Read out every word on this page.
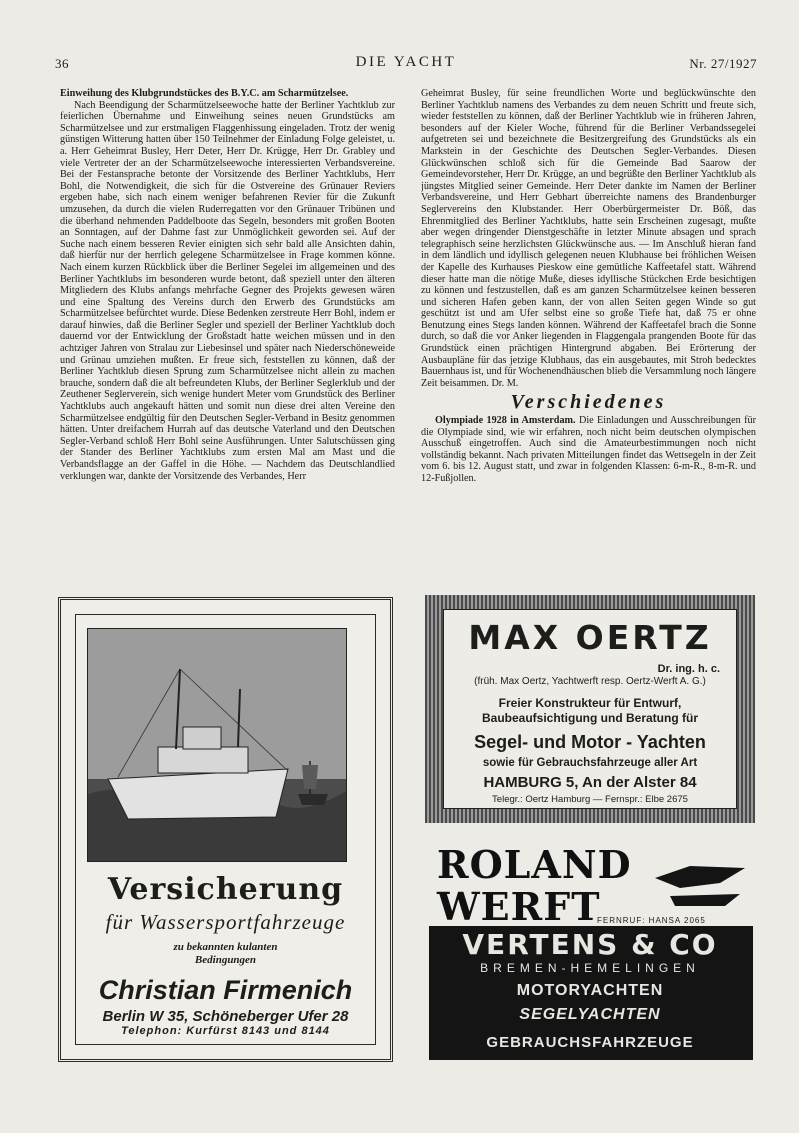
36	DIE YACHT	Nr. 27/1927
Einweihung des Klubgrundstückes des B.Y.C. am Scharmützelsee.

Nach Beendigung der Scharmützelseewoche hatte der Berliner Yachtklub zur feierlichen Übernahme und Einweihung seines neuen Grundstücks am Scharmützelsee und zur erstmaligen Flaggenhissung eingeladen. Trotz der wenig günstigen Witterung hatten über 150 Teilnehmer der Einladung Folge geleistet, u. a. Herr Geheimrat Busley, Herr Deter, Herr Dr. Krügge, Herr Dr. Grabley und viele Vertreter der an der Scharmützelseewoche interessierten Verbandsvereine. Bei der Festansprache betonte der Vorsitzende des Berliner Yachtklubs, Herr Bohl, die Notwendigkeit, die sich für die Ostvereine des Grünauer Reviers ergeben habe, sich nach einem weniger befahrenen Revier für die Zukunft umzusehen, da durch die vielen Ruderregatten vor den Grünauer Tribünen und die überhand nehmenden Paddelboote das Segeln, besonders mit großen Booten an Sonntagen, auf der Dahme fast zur Unmöglichkeit geworden sei. Auf der Suche nach einem besseren Revier einigten sich sehr bald alle Ansichten dahin, daß hierfür nur der herrlich gelegene Scharmützelsee in Frage kommen könne. Nach einem kurzen Rückblick über die Berliner Segelei im allgemeinen und des Berliner Yachtklubs im besonderen wurde betont, daß speziell unter den älteren Mitgliedern des Klubs anfangs mehrfache Gegner des Projekts gewesen wären und eine Spaltung des Vereins durch den Erwerb des Grundstücks am Scharmützelsee befürchtet wurde. Diese Bedenken zerstreute Herr Bohl, indem er darauf hinwies, daß die Berliner Segler und speziell der Berliner Yachtklub doch dauernd vor der Entwicklung der Großstadt hatte weichen müssen und in den achtziger Jahren von Stralau zur Liebesinsel und später nach Niederschöneweide und Grünau umziehen mußten. Er freue sich, feststellen zu können, daß der Berliner Yachtklub diesen Sprung zum Scharmützelsee nicht allein zu machen brauche, sondern daß die alt befreundeten Klubs, der Berliner Seglerklub und der Zeuthener Seglerverein, sich wenige hundert Meter vom Grundstück des Berliner Yachtklubs auch angekauft hätten und somit nun diese drei alten Vereine den Scharmützelsee endgültig für den Deutschen Segler-Verband in Besitz genommen hätten. Unter dreifachem Hurrah auf das deutsche Vaterland und den Deutschen Segler-Verband schloß Herr Bohl seine Ausführungen. Unter Salutschüssen ging der Stander des Berliner Yachtklubs zum ersten Mal am Mast und die Verbandsflagge an der Gaffel in die Höhe. — Nachdem das Deutschlandlied verklungen war, dankte der Vorsitzende des Verbandes, Herr

Geheimrat Busley, für seine freundlichen Worte und beglückwünschte den Berliner Yachtklub namens des Verbandes zu dem neuen Schritt und freute sich, wieder feststellen zu können, daß der Berliner Yachtklub wie in früheren Jahren, besonders auf der Kieler Woche, führend für die Berliner Verbandssegelei aufgetreten sei und bezeichnete die Besitzergreifung des Grundstücks als ein Markstein in der Geschichte des Deutschen Segler-Verbandes. Diesen Glückwünschen schloß sich für die Gemeinde Bad Saarow der Gemeindevorsteher, Herr Dr. Krügge, an und begrüßte den Berliner Yachtklub als jüngstes Mitglied seiner Gemeinde. Herr Deter dankte im Namen der Berliner Verbandsvereine, und Herr Gebhart überreichte namens des Brandenburger Seglervereins den Klubstander. Herr Oberbürgermeister Dr. Böß, das Ehrenmitglied des Berliner Yachtklubs, hatte sein Erscheinen zugesagt, mußte aber wegen dringender Dienstgeschäfte in letzter Minute absagen und sprach telegraphisch seine herzlichsten Glückwünsche aus. — Im Anschluß hieran fand in dem ländlich und idyllisch gelegenen neuen Klubhause bei fröhlichen Weisen der Kapelle des Kurhauses Pieskow eine gemütliche Kaffeetafel statt. Während dieser hatte man die nötige Muße, dieses idyllische Stückchen Erde besichtigen zu können und festzustellen, daß es am ganzen Scharmützelsee keinen besseren und sicheren Hafen geben kann, der von allen Seiten gegen Winde so gut geschützt ist und am Ufer selbst eine so große Tiefe hat, daß 75 er ohne Benutzung eines Stegs landen können. Während der Kaffeetafel brach die Sonne durch, so daß die vor Anker liegenden in Flaggengala prangenden Boote für das Grundstück einen prächtigen Hintergrund abgaben. Bei Erörterung der Ausbaupläne für das jetzige Klubhaus, das ein ausgebautes, mit Stroh bedecktes Bauernhaus ist, und für Wochenendhäuschen blieb die Versammlung noch längere Zeit beisammen. Dr. M.

Verschiedenes

Olympiade 1928 in Amsterdam. Die Einladungen und Ausschreibungen für die Olympiade sind, wie wir erfahren, noch nicht beim deutschen olympischen Ausschuß eingetroffen. Auch sind die Amateurbestimmungen noch nicht vollständig bekannt. Nach privaten Mitteilungen findet das Wettsegeln in der Zeit vom 6. bis 12. August statt, und zwar in folgenden Klassen: 6-m-R., 8-m-R. und 12-Fußjollen.

Versicherung
für Wassersportfahrzeuge
zu bekannten kulanten
Bedingungen
Christian Firmenich
Berlin W 35, Schöneberger Ufer 28
Telephon: Kurfürst 8143 und 8144
MAX OERTZ
Dr. ing. h. c.
(früh. Max Oertz, Yachtwerft resp. Oertz-Werft A. G.)
Freier Konstrukteur für Entwurf, Baubeaufsichtigung und Beratung für
Segel- und Motor - Yachten
sowie für Gebrauchsfahrzeuge aller Art
HAMBURG 5, An der Alster 84
Telegr.: Oertz Hamburg — Fernspr.: Elbe 2675
ROLAND
WERFT
FERNRUF: HANSA 2065
VERTENS & CO
BREMEN-HEMELINGEN
MOTORYACHTEN
SEGELYACHTEN
GEBRAUCHSFAHRZEUGE
